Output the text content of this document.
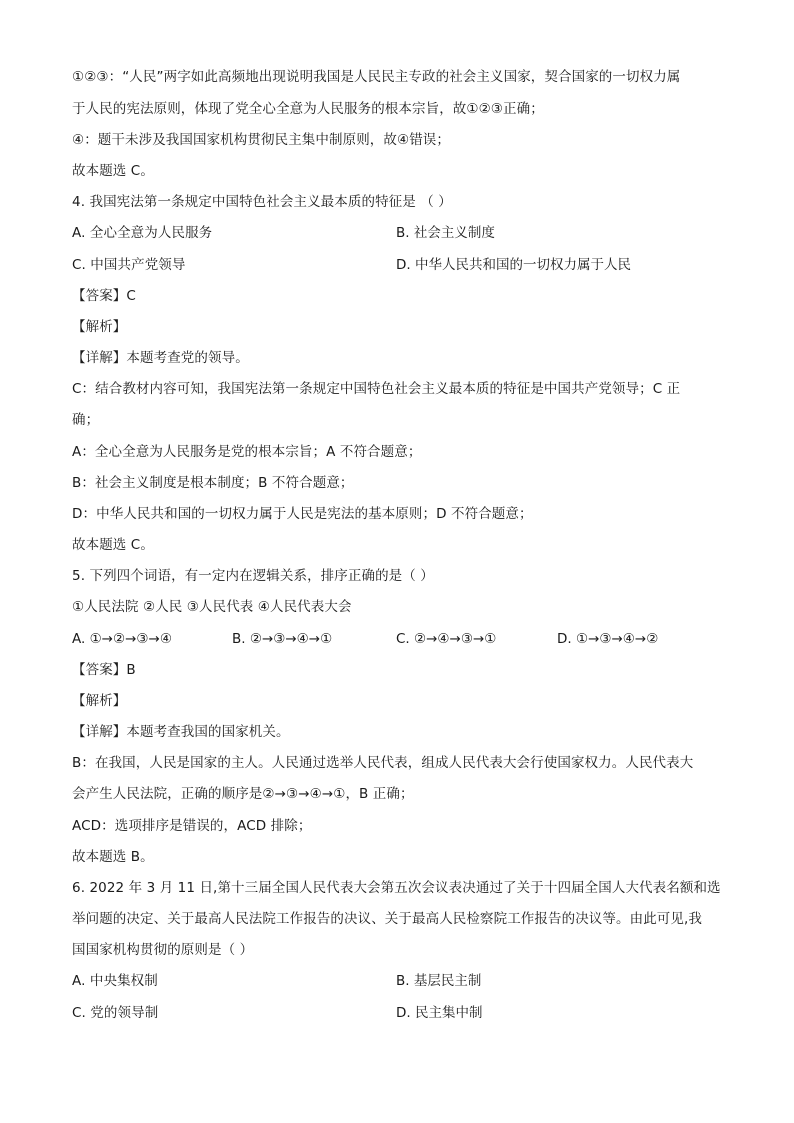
①②③：“人民”两字如此高频地出现说明我国是人民民主专政的社会主义国家，契合国家的一切权力属
于人民的宪法原则，体现了党全心全意为人民服务的根本宗旨，故①②③正确；
④：题干未涉及我国国家机构贯彻民主集中制原则，故④错误；
故本题选 C。
4. 我国宪法第一条规定中国特色社会主义最本质的特征是 （ ）
A. 全心全意为人民服务	B. 社会主义制度
C. 中国共产党领导	D. 中华人民共和国的一切权力属于人民
【答案】C
【解析】
【详解】本题考查党的领导。
C：结合教材内容可知，我国宪法第一条规定中国特色社会主义最本质的特征是中国共产党领导；C 正
确；
A：全心全意为人民服务是党的根本宗旨；A 不符合题意；
B：社会主义制度是根本制度；B 不符合题意；
D：中华人民共和国的一切权力属于人民是宪法的基本原则；D 不符合题意；
故本题选 C。
5. 下列四个词语，有一定内在逻辑关系，排序正确的是（ ）
①人民法院 ②人民 ③人民代表 ④人民代表大会
A. ①→②→③→④	B. ②→③→④→①	C. ②→④→③→①	D. ①→③→④→②
【答案】B
【解析】
【详解】本题考查我国的国家机关。
B：在我国，人民是国家的主人。人民通过选举人民代表，组成人民代表大会行使国家权力。人民代表大
会产生人民法院，正确的顺序是②→③→④→①，B 正确；
ACD：选项排序是错误的，ACD 排除；
故本题选 B。
6. 2022 年 3 月 11 日,第十三届全国人民代表大会第五次会议表决通过了关于十四届全国人大代表名额和选
举问题的决定、关于最高人民法院工作报告的决议、关于最高人民检察院工作报告的决议等。由此可见,我
国国家机构贯彻的原则是（ ）
A. 中央集权制	B. 基层民主制
C. 党的领导制	D. 民主集中制
